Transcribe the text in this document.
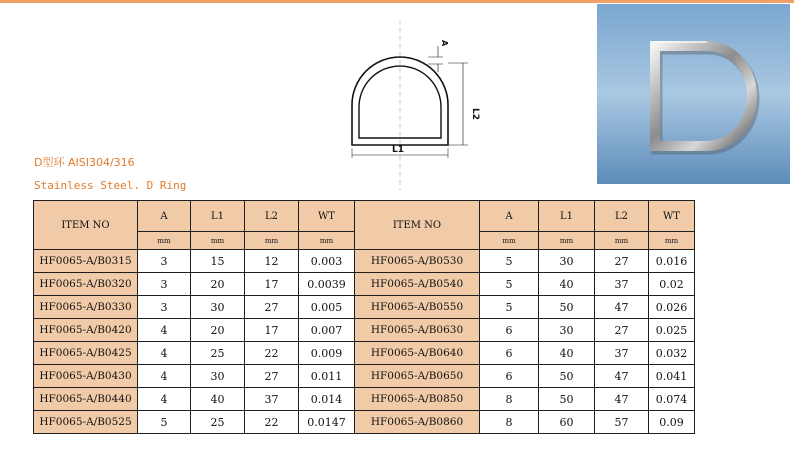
L1
L2
A
D型环 AISI304/316
Stainless Steel. D Ring
ITEM NO	A	L1	L2	WT	ITEM NO	A	L1	L2	WT
	mm	mm	mm	mm		mm	mm	mm	mm
HF0065-A/B0315	3	15	12	0.003	HF0065-A/B0530	5	30	27	0.016
HF0065-A/B0320	3	20	17	0.0039	HF0065-A/B0540	5	40	37	0.02
HF0065-A/B0330	3	30	27	0.005	HF0065-A/B0550	5	50	47	0.026
HF0065-A/B0420	4	20	17	0.007	HF0065-A/B0630	6	30	27	0.025
HF0065-A/B0425	4	25	22	0.009	HF0065-A/B0640	6	40	37	0.032
HF0065-A/B0430	4	30	27	0.011	HF0065-A/B0650	6	50	47	0.041
HF0065-A/B0440	4	40	37	0.014	HF0065-A/B0850	8	50	47	0.074
HF0065-A/B0525	5	25	22	0.0147	HF0065-A/B0860	8	60	57	0.09
